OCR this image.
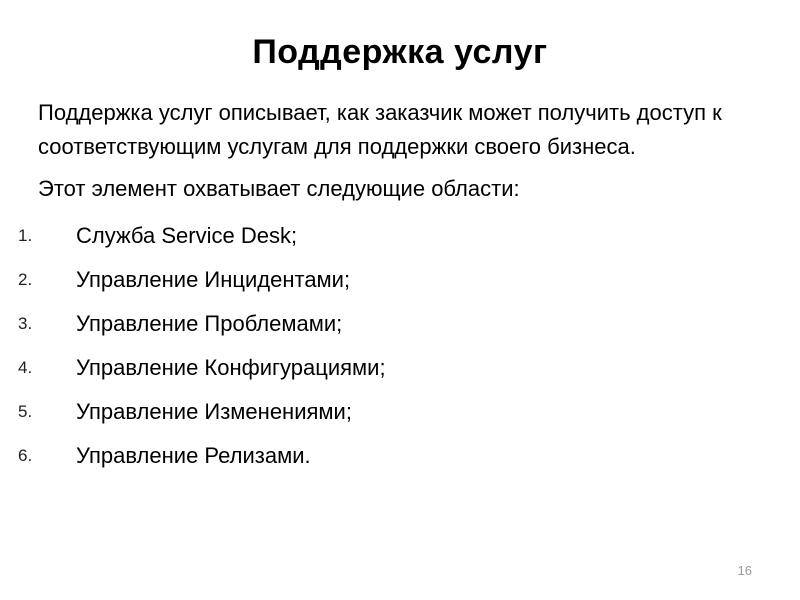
Поддержка услуг

Поддержка услуг описывает, как заказчик может получить доступ к соответствующим услугам для поддержки своего бизнеса.

Этот элемент охватывает следующие области:

1.	Служба Service Desk;
2.	Управление Инцидентами;
3.	Управление Проблемами;
4.	Управление Конфигурациями;
5.	Управление Изменениями;
6.	Управление Релизами.
16
